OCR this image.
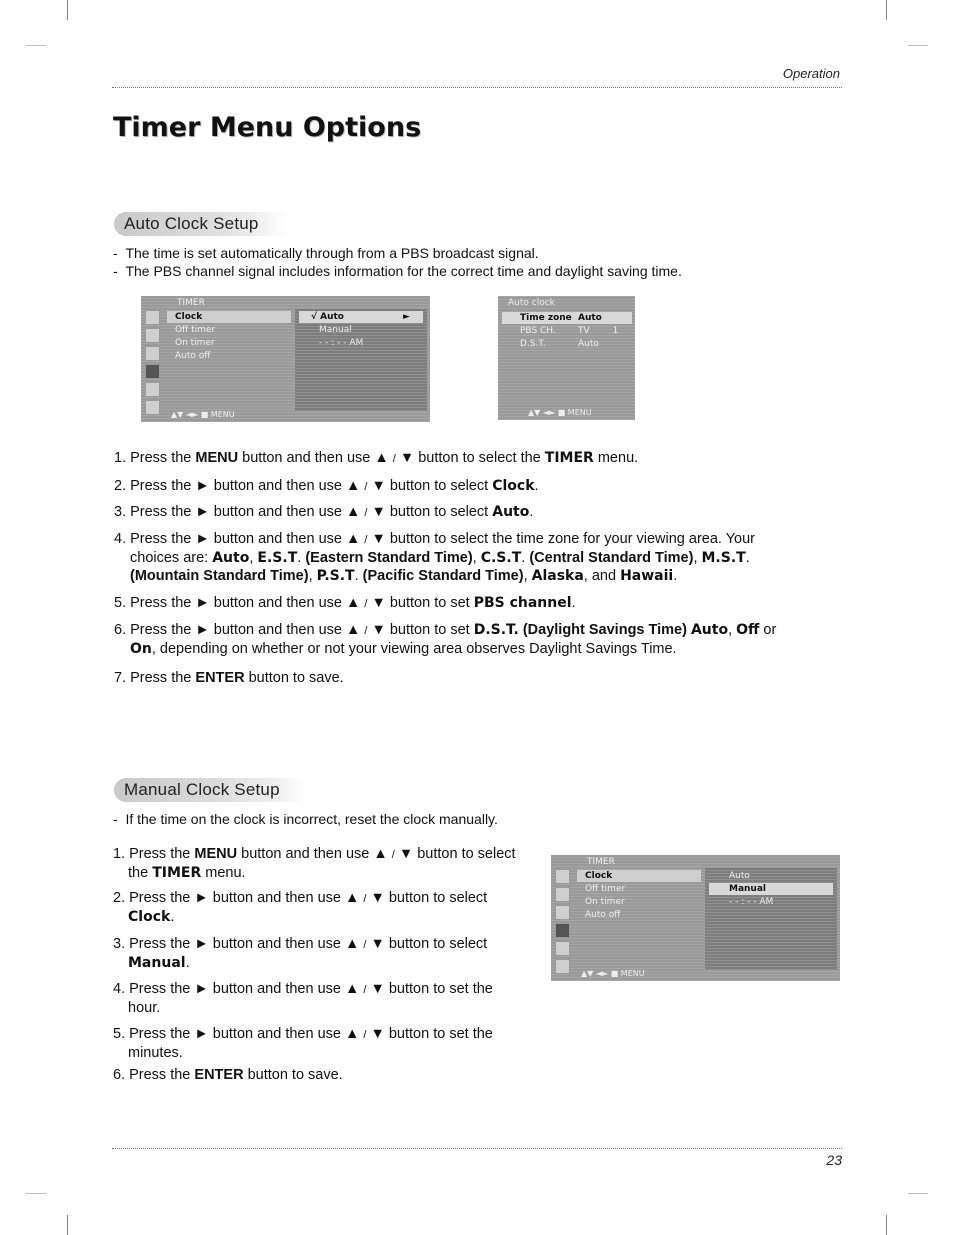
Operation
Timer Menu Options
Auto Clock Setup
-  The time is set automatically through from a PBS broadcast signal.
-  The PBS channel signal includes information for the correct time and daylight saving time.
TIMER
Clock
Off timer
On timer
Auto off
√ Auto	►
Manual
- - : - - AM
▲▼ ◄► ■ MENU
Auto clock
Time zone Auto
PBS CH. TV        1
D.S.T.	Auto
▲▼ ◄► ■ MENU
1. Press the MENU button and then use ▲ / ▼ button to select the TIMER menu.
2. Press the ► button and then use ▲ / ▼ button to select Clock.
3. Press the ► button and then use ▲ / ▼ button to select Auto.
4. Press the ► button and then use ▲ / ▼ button to select the time zone for your viewing area. Your
choices are: Auto, E.S.T. (Eastern Standard Time), C.S.T. (Central Standard Time), M.S.T.
(Mountain Standard Time), P.S.T. (Pacific Standard Time), Alaska, and Hawaii.
5. Press the ► button and then use ▲ / ▼ button to set PBS channel.
6. Press the ► button and then use ▲ / ▼ button to set D.S.T. (Daylight Savings Time) Auto, Off or
On, depending on whether or not your viewing area observes Daylight Savings Time.
7. Press the ENTER button to save.
Manual Clock Setup
-  If the time on the clock is incorrect, reset the clock manually.
1. Press the MENU button and then use ▲ / ▼ button to select
the TIMER menu.
2. Press the ► button and then use ▲ / ▼ button to select
Clock.
3. Press the ► button and then use ▲ / ▼ button to select
Manual.
4. Press the ► button and then use ▲ / ▼ button to set the
hour.
5. Press the ► button and then use ▲ / ▼ button to set the
minutes.
6. Press the ENTER button to save.
TIMER
Clock
Off timer
On timer
Auto off
Auto
Manual
- - : - - AM
▲▼ ◄► ■ MENU
23
